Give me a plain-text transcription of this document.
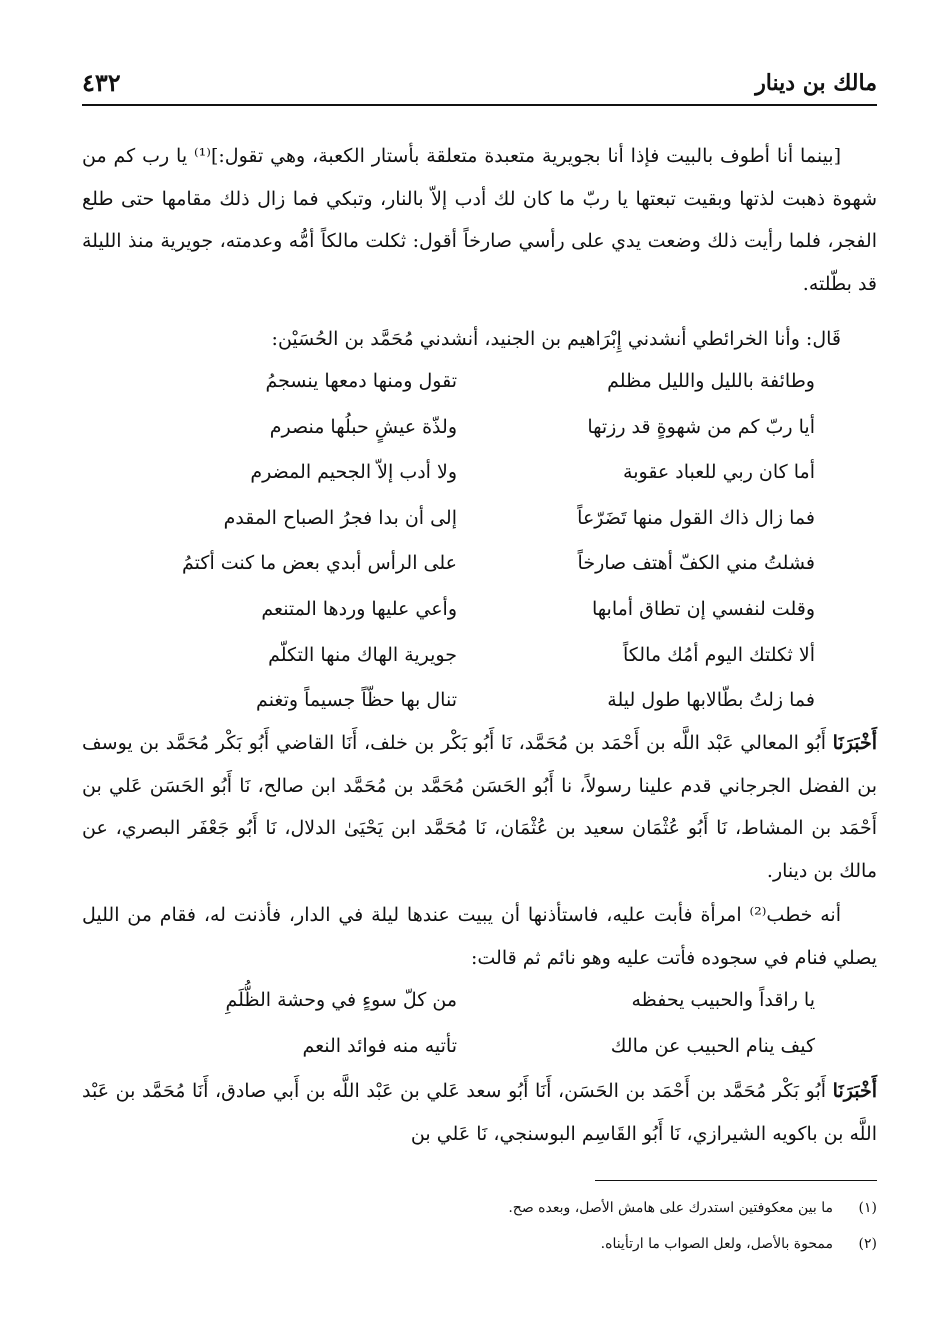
مالك بن دينار
٤٣٢
[بينما أنا أطوف بالبيت فإذا أنا بجويرية متعبدة متعلقة بأستار الكعبة، وهي تقول:]⁽¹⁾ يا رب كم من شهوة ذهبت لذتها وبقيت تبعتها يا ربّ ما كان لك أدب إلاّ بالنار، وتبكي فما زال ذلك مقامها حتى طلع الفجر، فلما رأيت ذلك وضعت يدي على رأسي صارخاً أقول: ثكلت مالكاً أمُّه وعدمته، جويرية منذ الليلة قد بطّلته.
قَال: وأنا الخرائطي أنشدني إِبْرَاهيم بن الجنيد، أنشدني مُحَمَّد بن الحُسَيْن:
وطائفة بالليل والليل مظلم
تقول ومنها دمعها ينسجمُ
أيا ربّ كم من شهوةٍ قد رزتها
ولذّة عيشٍ حبلُها منصرم
أما كان ربي للعباد عقوبة
ولا أدب إلاّ الجحيم المضرم
فما زال ذاك القول منها تَضَرّعاً
إلى أن بدا فجرُ الصباح المقدم
فشلتُ مني الكفّ أهتف صارخاً
على الرأس أبدي بعض ما كنت أكتمُ
وقلت لنفسي إن تطاق أمابها
وأعي عليها وردها المتنعم
ألا ثكلتك اليوم أمُك مالكاً
جويرية الهاك منها التكلّم
فما زلتُ بطّالابها طول ليلة
تنال بها حظّاً جسيماً وتغنم
أَخْبَرَنَا أَبُو المعالي عَبْد اللَّه بن أَحْمَد بن مُحَمَّد، نَا أَبُو بَكْر بن خلف، أَنَا القاضي أَبُو بَكْر مُحَمَّد بن يوسف بن الفضل الجرجاني قدم علينا رسولاً، نا أَبُو الحَسَن مُحَمَّد بن مُحَمَّد ابن صالح، نَا أَبُو الحَسَن عَلي بن أَحْمَد بن المشاط، نَا أَبُو عُثْمَان سعيد بن عُثْمَان، نَا مُحَمَّد ابن يَحْيَىٰ الدلال، نَا أَبُو جَعْفَر البصري، عن مالك بن دينار.
أنه خطب⁽²⁾ امرأة فأبت عليه، فاستأذنها أن يبيت عندها ليلة في الدار، فأذنت له، فقام من الليل يصلي فنام في سجوده فأتت عليه وهو نائم ثم قالت:
يا راقداً والحبيب يحفظه
من كلّ سوءٍ في وحشة الظُّلَمِ
كيف ينام الحبيب عن مالك
تأتيه منه فوائد النعم
أَخْبَرَنَا أَبُو بَكْر مُحَمَّد بن أَحْمَد بن الحَسَن، أَنَا أَبُو سعد عَلي بن عَبْد اللَّه بن أَبي صادق، أَنَا مُحَمَّد بن عَبْد اللَّه بن باكويه الشيرازي، نَا أَبُو القَاسِم البوسنجي، نَا عَلي بن
(١)
ما بين معكوفتين استدرك على هامش الأصل، وبعده صح.
(٢)
ممحوة بالأصل، ولعل الصواب ما ارتأيناه.
